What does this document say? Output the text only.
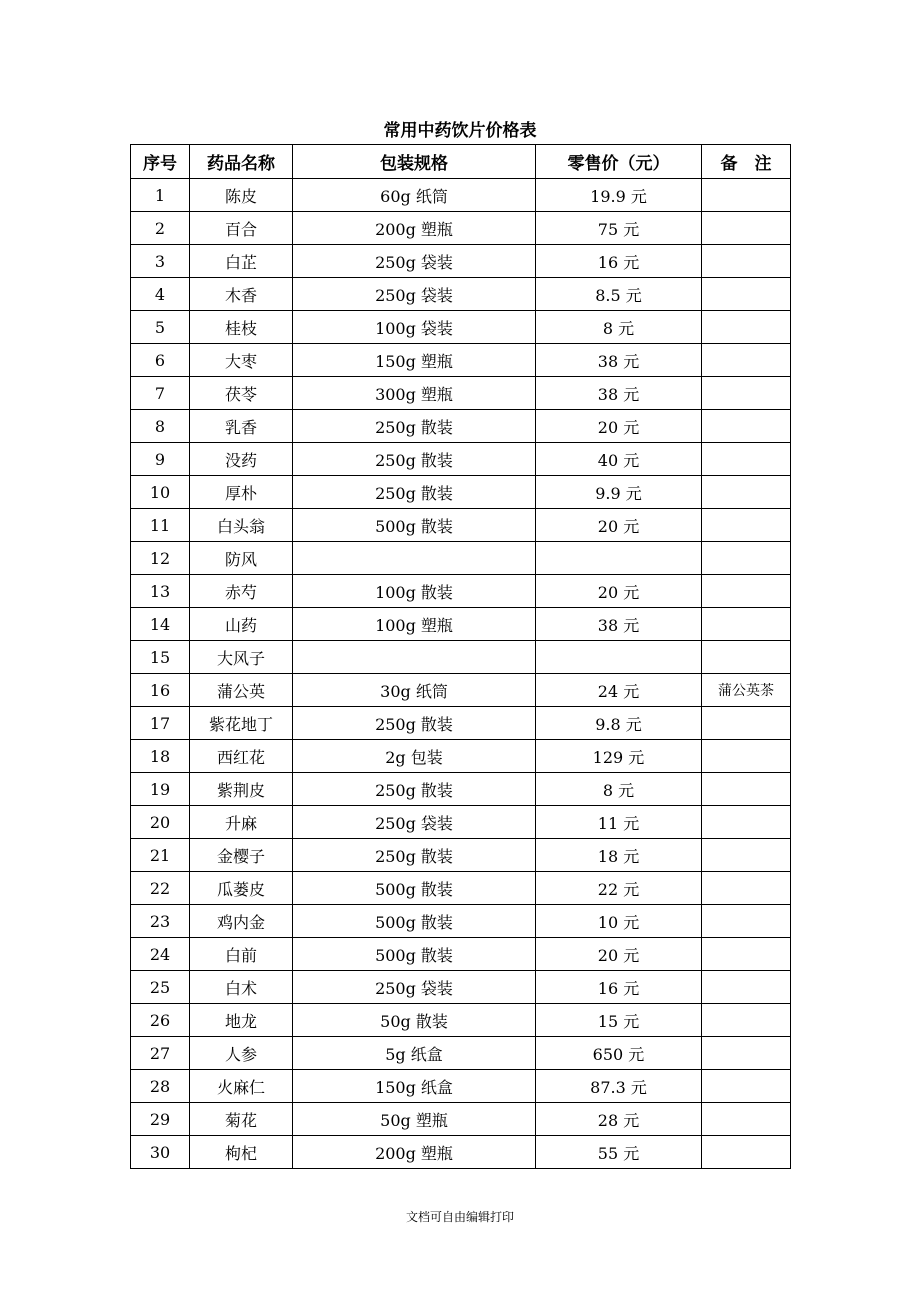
常用中药饮片价格表
序号	药品名称	包装规格	零售价（元）	备　注
1	陈皮	60g 纸筒	19.9 元	
2	百合	200g 塑瓶	75 元	
3	白芷	250g 袋装	16 元	
4	木香	250g 袋装	8.5 元	
5	桂枝	100g 袋装	8 元	
6	大枣	150g 塑瓶	38 元	
7	茯苓	300g 塑瓶	38 元	
8	乳香	250g 散装	20 元	
9	没药	250g 散装	40 元	
10	厚朴	250g 散装	9.9 元	
11	白头翁	500g 散装	20 元	
12	防风			
13	赤芍	100g 散装	20 元	
14	山药	100g 塑瓶	38 元	
15	大风子			
16	蒲公英	30g 纸筒	24 元	蒲公英茶
17	紫花地丁	250g 散装	9.8 元	
18	西红花	2g 包装	129 元	
19	紫荆皮	250g 散装	8 元	
20	升麻	250g 袋装	11 元	
21	金樱子	250g 散装	18 元	
22	瓜蒌皮	500g 散装	22 元	
23	鸡内金	500g 散装	10 元	
24	白前	500g 散装	20 元	
25	白术	250g 袋装	16 元	
26	地龙	50g 散装	15 元	
27	人参	5g 纸盒	650 元	
28	火麻仁	150g 纸盒	87.3 元	
29	菊花	50g 塑瓶	28 元	
30	枸杞	200g 塑瓶	55 元	
文档可自由编辑打印
